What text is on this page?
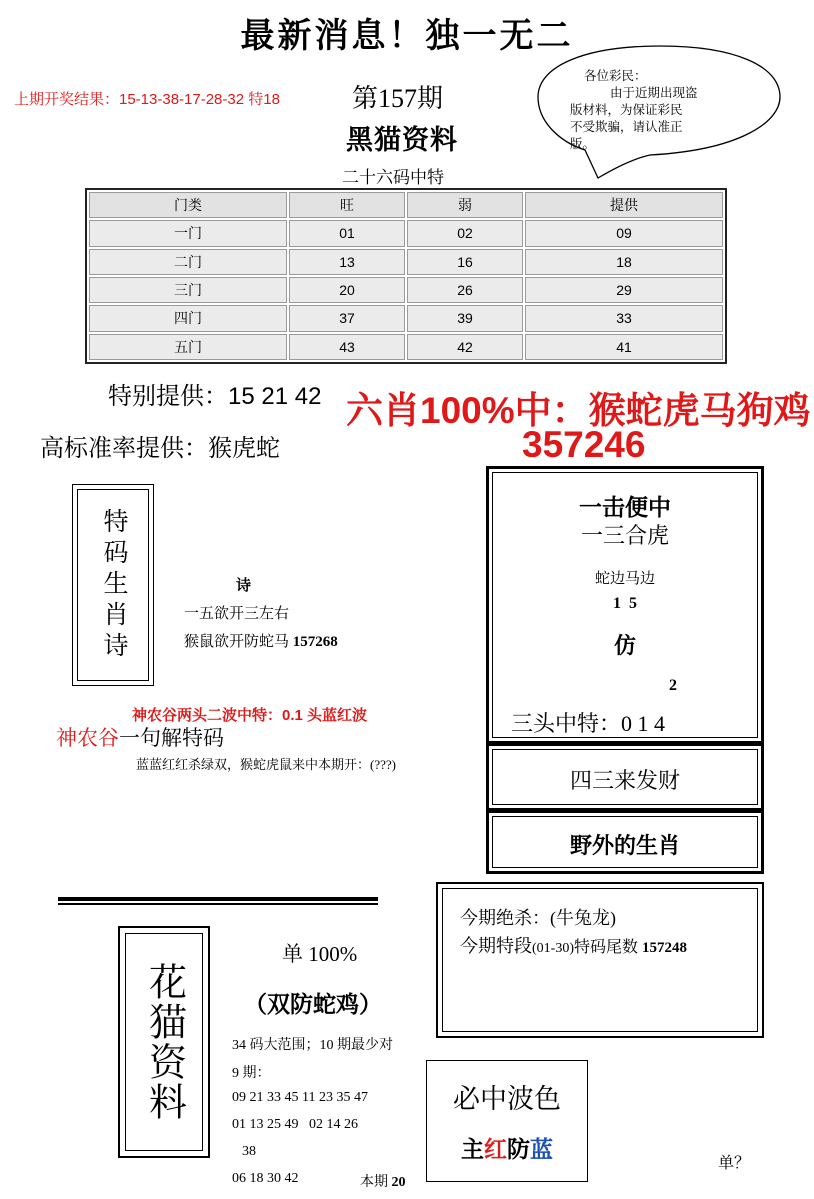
最新消息！独一无二
上期开奖结果：15-13-38-17-28-32 特18	第157期
黑猫资料
二十六码中特
各位彩民：
由于近期出现盗
版材料，为保证彩民
不受欺骗，请认准正
版。
门类	旺	弱	提供
一门	01	02	09
二门	13	16	18
三门	20	26	29
四门	37	39	33
五门	43	42	41
特别提供：15 21 42 六肖100%中：猴蛇虎马狗鸡
357246
高标准率提供：猴虎蛇
特码生肖诗	诗
一五欲开三左右
猴鼠欲开防蛇马 157268
一击便中
一三合虎
蛇边马边
1  5
仿
2
三头中特：0 1 4
四三来发财
野外的生肖
神农谷两头二波中特：0.1 头蓝红波
神农谷一句解特码
蓝蓝红红杀绿双，猴蛇虎鼠来中本期开：(???)
今期绝杀：(牛兔龙)
今期特段(01-30)特码尾数 157248
花猫资料
单 100%
（双防蛇鸡）
34 码大范围；10 期最少对
9 期：
09 21 33 45 11 23 35 47
01 13 25 49   02 14 26
38
06 18 30 42	本期 20
必中波色
主红防蓝
单？
